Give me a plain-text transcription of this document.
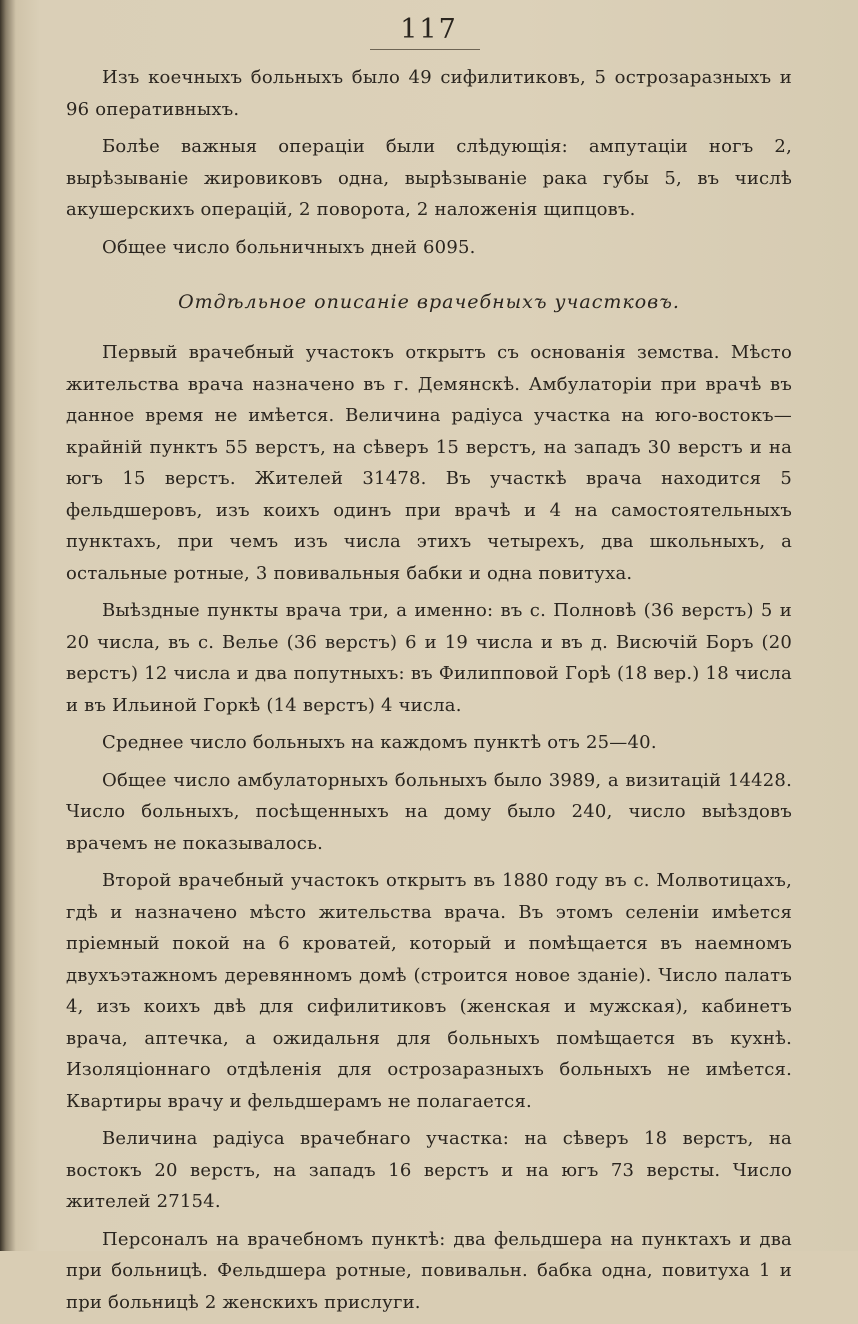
117

Изъ коечныхъ больныхъ было 49 сифилитиковъ, 5 острозаразныхъ и 96 оперативныхъ.

Болѣе важныя операціи были слѣдующія: ампутаціи ногъ 2, вырѣзываніе жировиковъ одна, вырѣзываніе рака губы 5, въ числѣ акушерскихъ операцій, 2 поворота, 2 наложенія щипцовъ.

Общее число больничныхъ дней 6095.

Отдѣльное описаніе врачебныхъ участковъ.

Первый врачебный участокъ открытъ съ основанія земства. Мѣсто жительства врача назначено въ г. Демянскѣ. Амбулаторіи при врачѣ въ данное время не имѣется. Величина радіуса участка на юго-востокъ—крайній пунктъ 55 верстъ, на сѣверъ 15 верстъ, на западъ 30 верстъ и на югъ 15 верстъ. Жителей 31478. Въ участкѣ врача находится 5 фельдшеровъ, изъ коихъ одинъ при врачѣ и 4 на самостоятельныхъ пунктахъ, при чемъ изъ числа этихъ четырехъ, два школьныхъ, а остальные ротные, 3 повивальныя бабки и одна повитуха.

Выѣздные пункты врача три, а именно: въ с. Полновѣ (36 верстъ) 5 и 20 числа, въ с. Велье (36 верстъ) 6 и 19 числа и въ д. Висючій Боръ (20 верстъ) 12 числа и два попутныхъ: въ Филипповой Горѣ (18 вер.) 18 числа и въ Ильиной Горкѣ (14 верстъ) 4 числа.

Среднее число больныхъ на каждомъ пунктѣ отъ 25—40.

Общее число амбулаторныхъ больныхъ было 3989, а визитацій 14428. Число больныхъ, посѣщенныхъ на дому было 240, число выѣздовъ врачемъ не показывалось.

Второй врачебный участокъ открытъ въ 1880 году въ с. Молвотицахъ, гдѣ и назначено мѣсто жительства врача. Въ этомъ селеніи имѣется пріемный покой на 6 кроватей, который и помѣщается въ наемномъ двухъэтажномъ деревянномъ домѣ (строится новое зданіе). Число палатъ 4, изъ коихъ двѣ для сифилитиковъ (женская и мужская), кабинетъ врача, аптечка, а ожидальня для больныхъ помѣщается въ кухнѣ. Изоляціоннаго отдѣленія для острозаразныхъ больныхъ не имѣется. Квартиры врачу и фельдшерамъ не полагается.

Величина радіуса врачебнаго участка: на сѣверъ 18 верстъ, на востокъ 20 верстъ, на западъ 16 верстъ и на югъ 73 версты. Число жителей 27154.

Персоналъ на врачебномъ пунктѣ: два фельдшера на пунктахъ и два при больницѣ. Фельдшера ротные, повивальн. бабка одна, повитуха 1 и при больницѣ 2 женскихъ прислуги.
